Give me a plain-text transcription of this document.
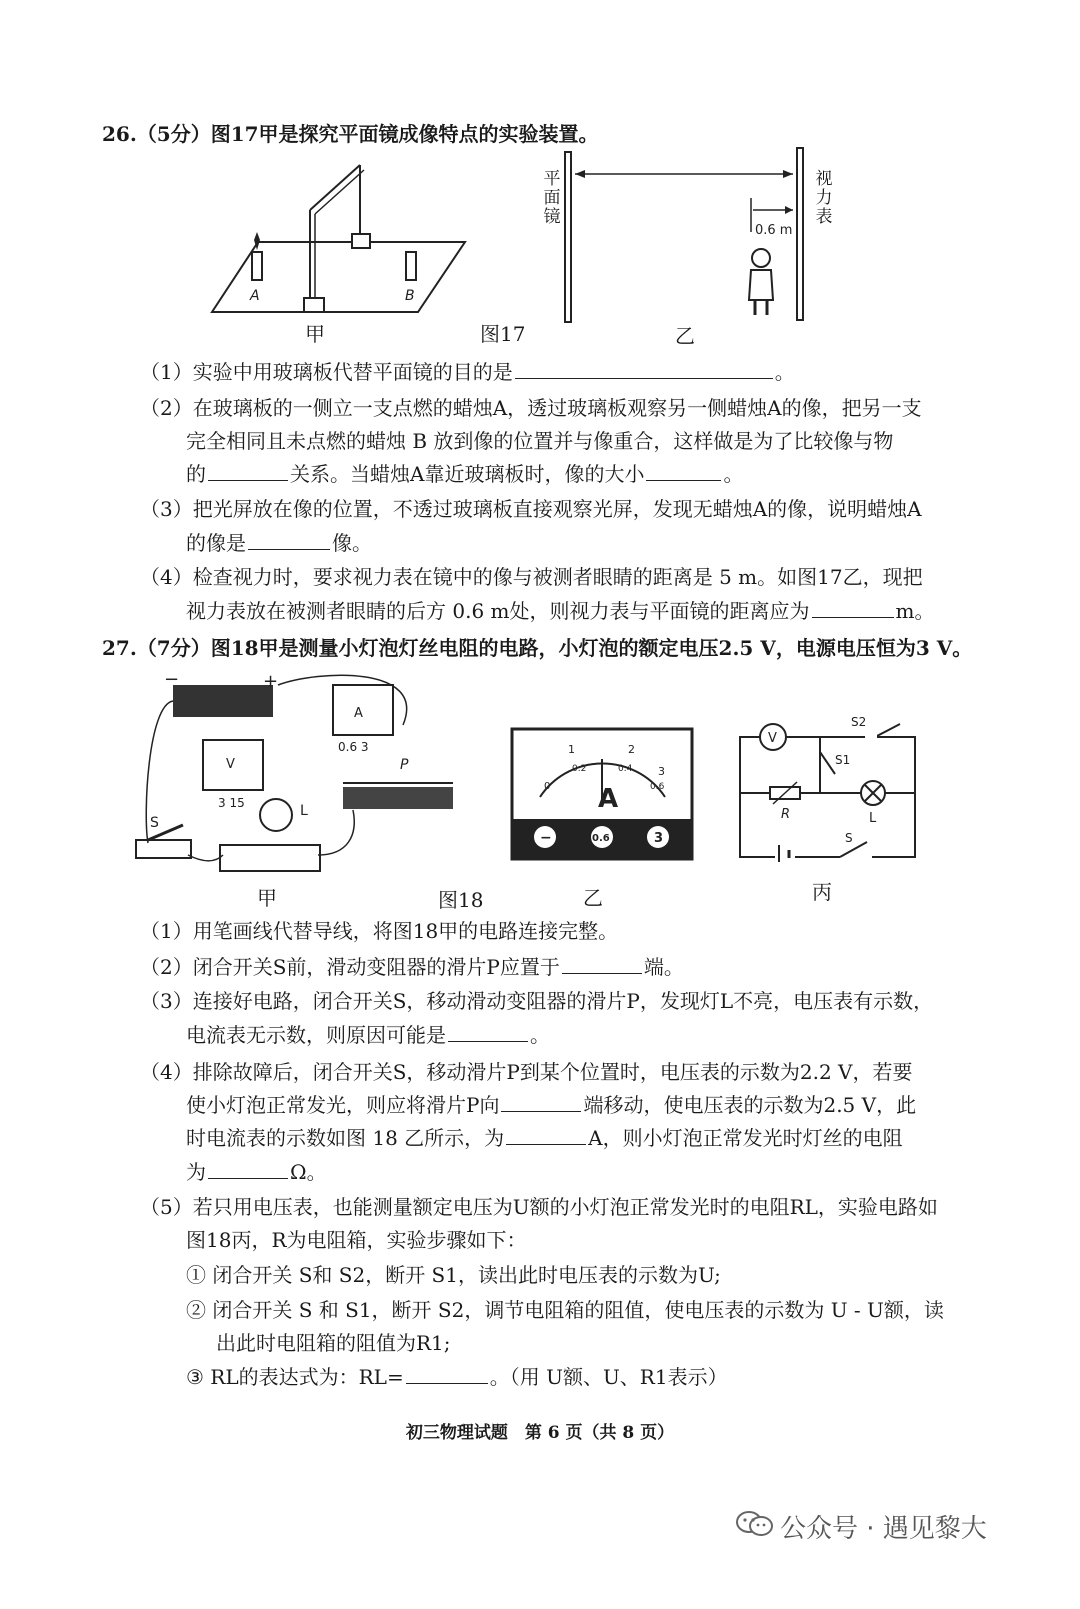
26.（5分）图17甲是探究平面镜成像特点的实验装置。
A	B
甲	图17	乙
0.6 m
平面镜
视力表
（1）实验中用玻璃板代替平面镜的目的是	。
（2）在玻璃板的一侧立一支点燃的蜡烛A，透过玻璃板观察另一侧蜡烛A的像，把另一支
完全相同且未点燃的蜡烛 B 放到像的位置并与像重合，这样做是为了比较像与物
的	关系。当蜡烛A靠近玻璃板时，像的大小	。
（3）把光屏放在像的位置，不透过玻璃板直接观察光屏，发现无蜡烛A的像，说明蜡烛A
的像是	像。
（4）检查视力时，要求视力表在镜中的像与被测者眼睛的距离是 5 m。如图17乙，现把
视力表放在被测者眼睛的后方 0.6 m处，则视力表与平面镜的距离应为	m。
27.（7分）图18甲是测量小灯泡灯丝电阻的电路，小灯泡的额定电压2.5 V，电源电压恒为3 V。
−	+
A
0.6 3
V
3 15
P
S
L
甲	图18	乙	丙
A
0
1	2
3
0.2	0.4
0.6
−	0.6	3
V
S2
S1
R	L
S
（1）用笔画线代替导线，将图18甲的电路连接完整。
（2）闭合开关S前，滑动变阻器的滑片P应置于	端。
（3）连接好电路，闭合开关S，移动滑动变阻器的滑片P，发现灯L不亮，电压表有示数，
电流表无示数，则原因可能是	。
（4）排除故障后，闭合开关S，移动滑片P到某个位置时，电压表的示数为2.2 V，若要
使小灯泡正常发光，则应将滑片P向	端移动，使电压表的示数为2.5 V，此
时电流表的示数如图 18 乙所示，为	A，则小灯泡正常发光时灯丝的电阻
为	Ω。
（5）若只用电压表，也能测量额定电压为U额的小灯泡正常发光时的电阻RL，实验电路如
图18丙，R为电阻箱，实验步骤如下：
① 闭合开关 S和 S2，断开 S1，读出此时电压表的示数为U;
② 闭合开关 S 和 S1，断开 S2，调节电阻箱的阻值，使电压表的示数为 U - U额，读
出此时电阻箱的阻值为R1;
③ RL的表达式为：RL=	。（用 U额、U、R1表示）
初三物理试题　第 6 页（共 8 页）
公众号 · 遇见黎大
